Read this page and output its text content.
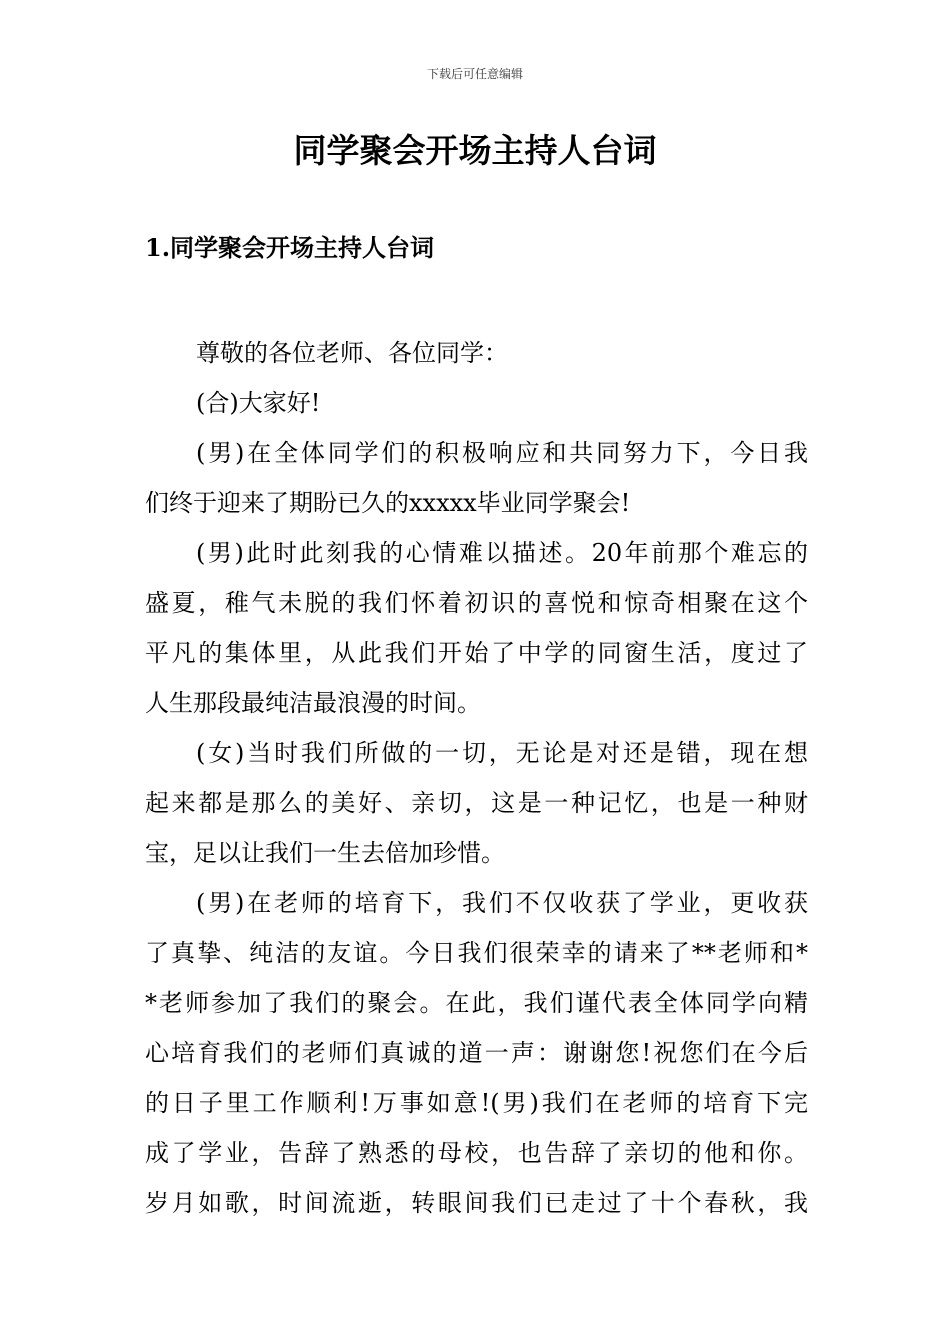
下载后可任意编辑
同学聚会开场主持人台词
1.同学聚会开场主持人台词
尊敬的各位老师、各位同学：
(合)大家好!
(男)在全体同学们的积极响应和共同努力下，今日我
们终于迎来了期盼已久的xxxxx毕业同学聚会!
(男)此时此刻我的心情难以描述。20年前那个难忘的
盛夏，稚气未脱的我们怀着初识的喜悦和惊奇相聚在这个
平凡的集体里，从此我们开始了中学的同窗生活，度过了
人生那段最纯洁最浪漫的时间。
(女)当时我们所做的一切，无论是对还是错，现在想
起来都是那么的美好、亲切，这是一种记忆，也是一种财
宝，足以让我们一生去倍加珍惜。
(男)在老师的培育下，我们不仅收获了学业，更收获
了真挚、纯洁的友谊。今日我们很荣幸的请来了**老师和*
*老师参加了我们的聚会。在此，我们谨代表全体同学向精
心培育我们的老师们真诚的道一声：谢谢您!祝您们在今后
的日子里工作顺利!万事如意!(男)我们在老师的培育下完
成了学业，告辞了熟悉的母校，也告辞了亲切的他和你。
岁月如歌，时间流逝，转眼间我们已走过了十个春秋，我
